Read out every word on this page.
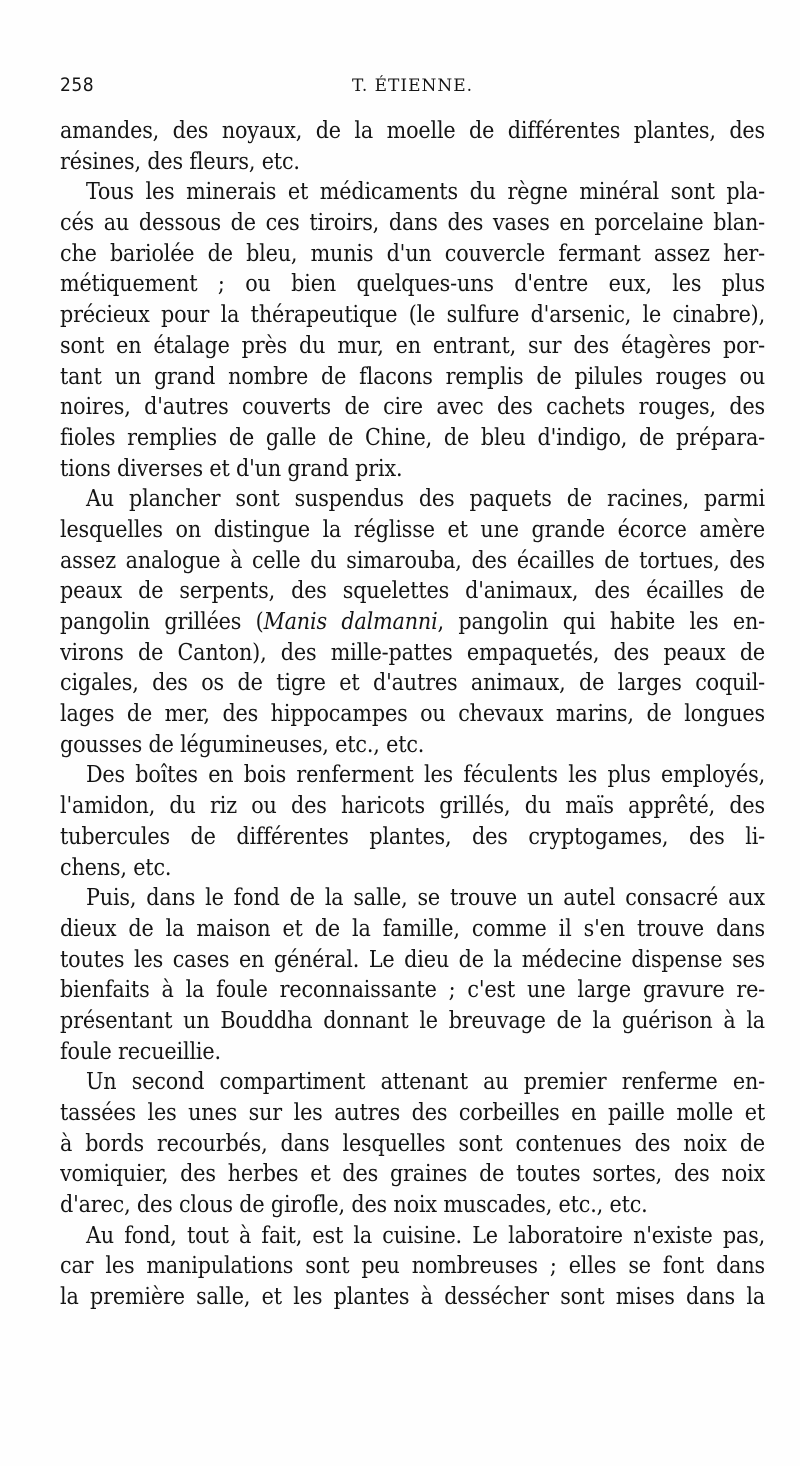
258	T. ÉTIENNE.
amandes, des noyaux, de la moelle de différentes plantes, des
résines, des fleurs, etc.
Tous les minerais et médicaments du règne minéral sont pla-
cés au dessous de ces tiroirs, dans des vases en porcelaine blan-
che bariolée de bleu, munis d'un couvercle fermant assez her-
métiquement ; ou bien quelques-uns d'entre eux, les plus
précieux pour la thérapeutique (le sulfure d'arsenic, le cinabre),
sont en étalage près du mur, en entrant, sur des étagères por-
tant un grand nombre de flacons remplis de pilules rouges ou
noires, d'autres couverts de cire avec des cachets rouges, des
fioles remplies de galle de Chine, de bleu d'indigo, de prépara-
tions diverses et d'un grand prix.
Au plancher sont suspendus des paquets de racines, parmi
lesquelles on distingue la réglisse et une grande écorce amère
assez analogue à celle du simarouba, des écailles de tortues, des
peaux de serpents, des squelettes d'animaux, des écailles de
pangolin grillées (Manis dalmanni, pangolin qui habite les en-
virons de Canton), des mille-pattes empaquetés, des peaux de
cigales, des os de tigre et d'autres animaux, de larges coquil-
lages de mer, des hippocampes ou chevaux marins, de longues
gousses de légumineuses, etc., etc.
Des boîtes en bois renferment les féculents les plus employés,
l'amidon, du riz ou des haricots grillés, du maïs apprêté, des
tubercules de différentes plantes, des cryptogames, des li-
chens, etc.
Puis, dans le fond de la salle, se trouve un autel consacré aux
dieux de la maison et de la famille, comme il s'en trouve dans
toutes les cases en général. Le dieu de la médecine dispense ses
bienfaits à la foule reconnaissante ; c'est une large gravure re-
présentant un Bouddha donnant le breuvage de la guérison à la
foule recueillie.
Un second compartiment attenant au premier renferme en-
tassées les unes sur les autres des corbeilles en paille molle et
à bords recourbés, dans lesquelles sont contenues des noix de
vomiquier, des herbes et des graines de toutes sortes, des noix
d'arec, des clous de girofle, des noix muscades, etc., etc.
Au fond, tout à fait, est la cuisine. Le laboratoire n'existe pas,
car les manipulations sont peu nombreuses ; elles se font dans
la première salle, et les plantes à dessécher sont mises dans la
